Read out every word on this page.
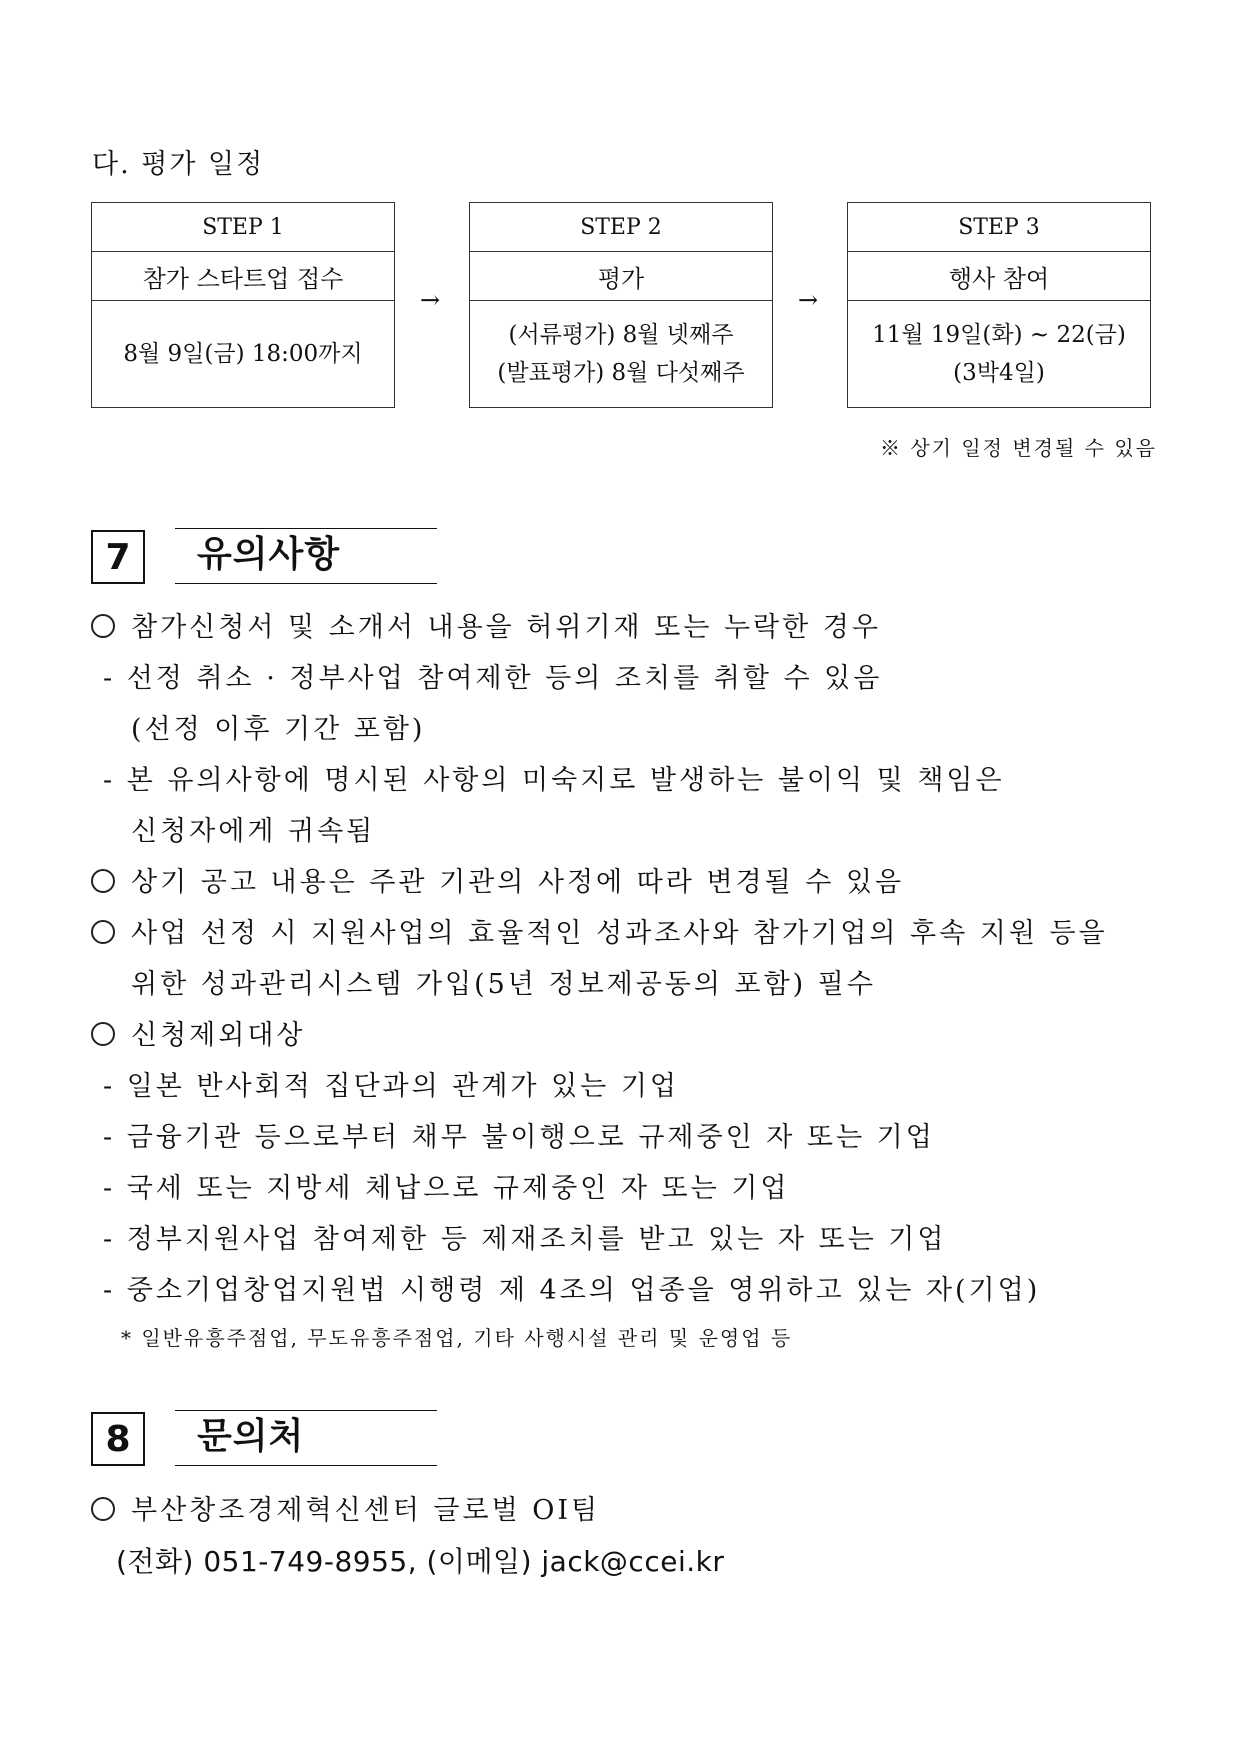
다. 평가 일정
STEP 1
참가 스타트업 접수
8월 9일(금) 18:00까지
→
STEP 2
평가
(서류평가) 8월 넷째주
(발표평가) 8월 다섯째주
→
STEP 3
행사 참여
11월 19일(화) ~ 22(금)
(3박4일)
※ 상기 일정 변경될 수 있음
7	유의사항
참가신청서 및 소개서 내용을 허위기재 또는 누락한 경우
- 선정 취소 · 정부사업 참여제한 등의 조치를 취할 수 있음
(선정 이후 기간 포함)
- 본 유의사항에 명시된 사항의 미숙지로 발생하는 불이익 및 책임은
신청자에게 귀속됨
상기 공고 내용은 주관 기관의 사정에 따라 변경될 수 있음
사업 선정 시 지원사업의 효율적인 성과조사와 참가기업의 후속 지원 등을
위한 성과관리시스템 가입(5년 정보제공동의 포함) 필수
신청제외대상
- 일본 반사회적 집단과의 관계가 있는 기업
- 금융기관 등으로부터 채무 불이행으로 규제중인 자 또는 기업
- 국세 또는 지방세 체납으로 규제중인 자 또는 기업
- 정부지원사업 참여제한 등 제재조치를 받고 있는 자 또는 기업
- 중소기업창업지원법 시행령 제 4조의 업종을 영위하고 있는 자(기업)
* 일반유흥주점업, 무도유흥주점업, 기타 사행시설 관리 및 운영업 등
8	문의처
부산창조경제혁신센터 글로벌 OI팀
(전화) 051-749-8955, (이메일) jack@ccei.kr
